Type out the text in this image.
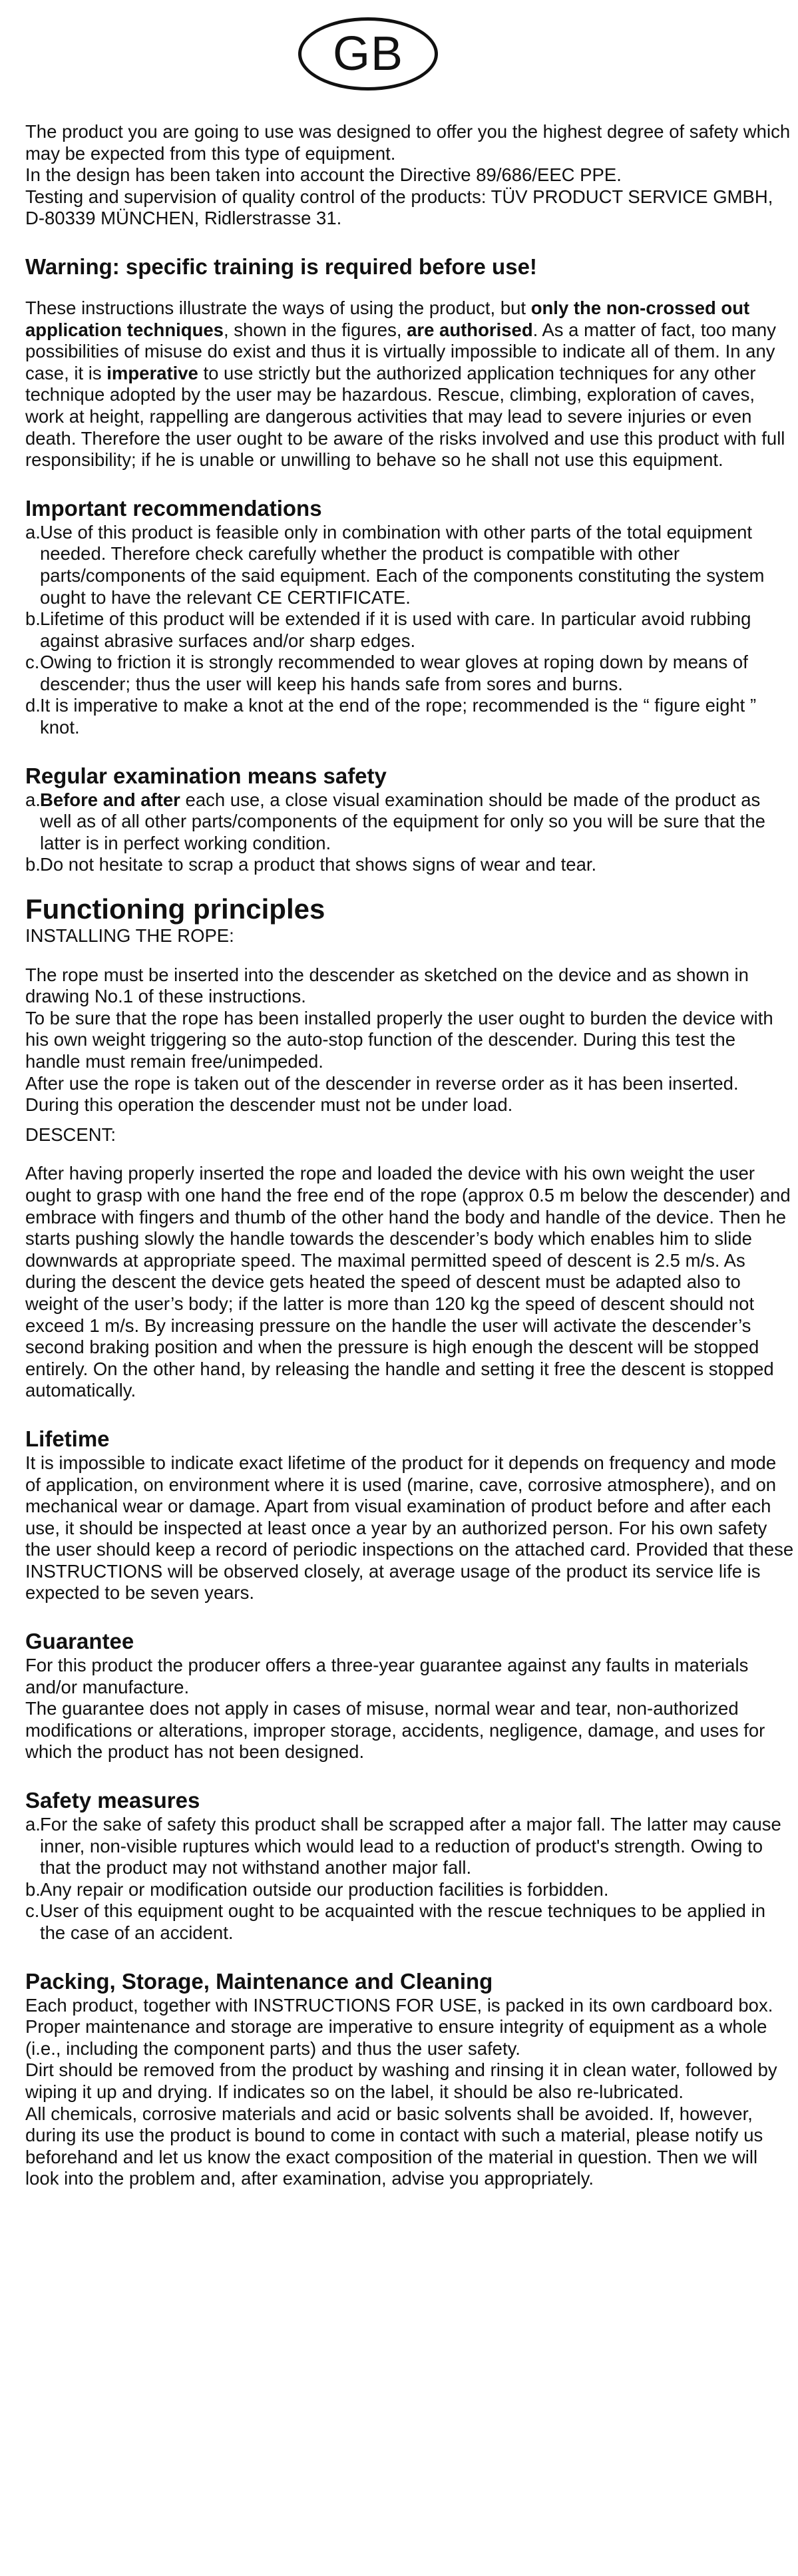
GB

The product you are going to use was designed to offer you the highest degree of safety which may be expected from this type of equipment.

In the design has been taken into account the Directive 89/686/EEC PPE.

Testing and supervision of quality control of the products: TÜV PRODUCT SERVICE GMBH, D-80339 MÜNCHEN, Ridlerstrasse 31.

Warning: specific training is required before use!

These instructions illustrate the ways of using the product, but only the non-crossed out application techniques, shown in the figures, are authorised. As a matter of fact, too many possibilities of misuse do exist and thus it is virtually impossible to indicate all of them. In any case, it is imperative to use strictly but the authorized application techniques for any other technique adopted by the user may be hazardous. Rescue, climbing, exploration of caves, work at height, rappelling are dangerous activities that may lead to severe injuries or even death. Therefore the user ought to be aware of the risks involved and use this product with full responsibility; if he is unable or unwilling to behave so he shall not use this equipment.

Important recommendations

a. Use of this product is feasible only in combination with other parts of the total equipment needed. Therefore check carefully whether the product is compatible with other parts/components of the said equipment. Each of the components constituting the system ought to have the relevant CE CERTIFICATE.
b. Lifetime of this product will be extended if it is used with care. In particular avoid rubbing against abrasive surfaces and/or sharp edges.
c. Owing to friction it is strongly recommended to wear gloves at roping down by means of descender; thus the user will keep his hands safe from sores and burns.
d. It is imperative to make a knot at the end of the rope; recommended is the “ figure eight ” knot.

Regular examination means safety

a. Before and after each use, a close visual examination should be made of the product as well as of all other parts/components of the equipment for only so you will be sure that the latter is in perfect working condition.
b. Do not hesitate to scrap a product that shows signs of wear and tear.

Functioning principles

INSTALLING THE ROPE:

The rope must be inserted into the descender as sketched on the device and as shown in drawing No.1 of these instructions.

To be sure that the rope has been installed properly the user ought to burden the device with his own weight triggering so the auto-stop function of the descender. During this test the handle must remain free/unimpeded.

After use the rope is taken out of the descender in reverse order as it has been inserted. During this operation the descender must not be under load.

DESCENT:

After having properly inserted the rope and loaded the device with his own weight the user ought to grasp with one hand the free end of the rope (approx 0.5 m below the descender) and embrace with fingers and thumb of the other hand the body and handle of the device. Then he starts pushing slowly the handle towards the descender’s body which enables him to slide downwards at appropriate speed. The maximal permitted speed of descent is 2.5 m/s. As during the descent the device gets heated the speed of descent must be adapted also to weight of the user’s body; if the latter is more than 120 kg the speed of descent should not exceed 1 m/s. By increasing pressure on the handle the user will activate the descender’s second braking position and when the pressure is high enough the descent will be stopped entirely. On the other hand, by releasing the handle and setting it free the descent is stopped automatically.

Lifetime

It is impossible to indicate exact lifetime of the product for it depends on frequency and mode of application, on environment where it is used (marine, cave, corrosive atmosphere), and on mechanical wear or damage. Apart from visual examination of product before and after each use, it should be inspected at least once a year by an authorized person. For his own safety the user should keep a record of periodic inspections on the attached card. Provided that these INSTRUCTIONS will be observed closely, at average usage of the product its service life is expected to be seven years.

Guarantee

For this product the producer offers a three-year guarantee against any faults in materials and/or manufacture.

The guarantee does not apply in cases of misuse, normal wear and tear, non-authorized modifications or alterations, improper storage, accidents, negligence, damage, and uses for which the product has not been designed.

Safety measures

a. For the sake of safety this product shall be scrapped after a major fall. The latter may cause inner, non-visible ruptures which would lead to a reduction of product's strength. Owing to that the product may not withstand another major fall.
b. Any repair or modification outside our production facilities is forbidden.
c. User of this equipment ought to be acquainted with the rescue techniques to be applied in the case of an accident.

Packing, Storage, Maintenance and Cleaning

Each product, together with INSTRUCTIONS FOR USE, is packed in its own cardboard box.

Proper maintenance and storage are imperative to ensure integrity of equipment as a whole (i.e., including the component parts) and thus the user safety.

Dirt should be removed from the product by washing and rinsing it in clean water, followed by wiping it up and drying. If indicates so on the label, it should be also re-lubricated.

All chemicals, corrosive materials and acid or basic solvents shall be avoided. If, however, during its use the product is bound to come in contact with such a material, please notify us beforehand and let us know the exact composition of the material in question. Then we will look into the problem and, after examination, advise you appropriately.
